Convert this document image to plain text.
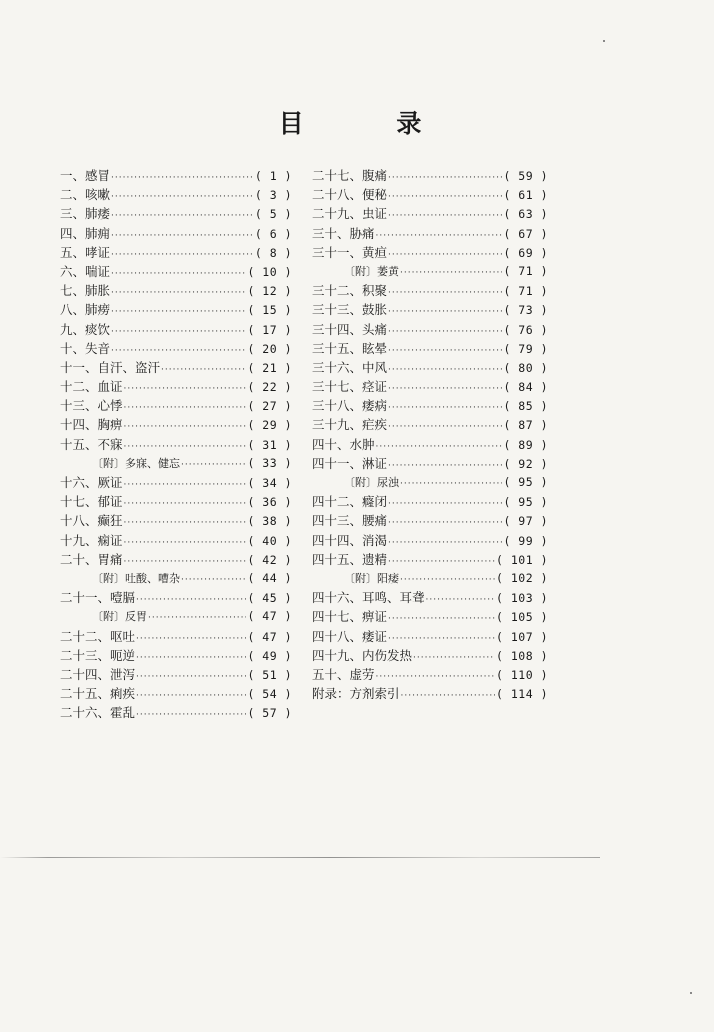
目 录
一、感冒 ·····	( 1 )
二、咳嗽 ·····	( 3 )
三、肺痿 ·····	( 5 )
四、肺痈 ·····	( 6 )
五、哮证 ·····	( 8 )
六、喘证 ·····	( 10 )
七、肺胀 ·····	( 12 )
八、肺痨 ·····	( 15 )
九、痰饮 ·····	( 17 )
十、失音 ·····	( 20 )
十一、自汗、盗汗 ·····	( 21 )
十二、血证 ·····	( 22 )
十三、心悸 ·····	( 27 )
十四、胸痹 ·····	( 29 )
十五、不寐 ·····	( 31 )
〔附〕多寐、健忘 ·····	( 33 )
十六、厥证 ·····	( 34 )
十七、郁证 ·····	( 36 )
十八、癫狂 ·····	( 38 )
十九、痫证 ·····	( 40 )
二十、胃痛 ·····	( 42 )
〔附〕吐酸、嘈杂 ·····	( 44 )
二十一、噎膈 ·····	( 45 )
〔附〕反胃 ·····	( 47 )
二十二、呕吐 ·····	( 47 )
二十三、呃逆 ·····	( 49 )
二十四、泄泻 ·····	( 51 )
二十五、痢疾 ·····	( 54 )
二十六、霍乱 ·····	( 57 )
二十七、腹痛 ·····	( 59 )
二十八、便秘 ·····	( 61 )
二十九、虫证 ·····	( 63 )
三十、胁痛 ·····	( 67 )
三十一、黄疸 ·····	( 69 )
〔附〕萎黄 ·····	( 71 )
三十二、积聚 ·····	( 71 )
三十三、鼓胀 ·····	( 73 )
三十四、头痛 ·····	( 76 )
三十五、眩晕 ·····	( 79 )
三十六、中风 ·····	( 80 )
三十七、痉证 ·····	( 84 )
三十八、痿病 ·····	( 85 )
三十九、疟疾 ·····	( 87 )
四十、水肿 ·····	( 89 )
四十一、淋证 ·····	( 92 )
〔附〕尿浊 ·····	( 95 )
四十二、癃闭 ·····	( 95 )
四十三、腰痛 ·····	( 97 )
四十四、消渴 ·····	( 99 )
四十五、遗精 ·····	( 101 )
〔附〕阳痿 ·····	( 102 )
四十六、耳鸣、耳聋 ·····	( 103 )
四十七、痹证 ·····	( 105 )
四十八、痿证 ·····	( 107 )
四十九、内伤发热 ·····	( 108 )
五十、虚劳 ·····	( 110 )
附录：方剂索引 ·····	( 114 )
